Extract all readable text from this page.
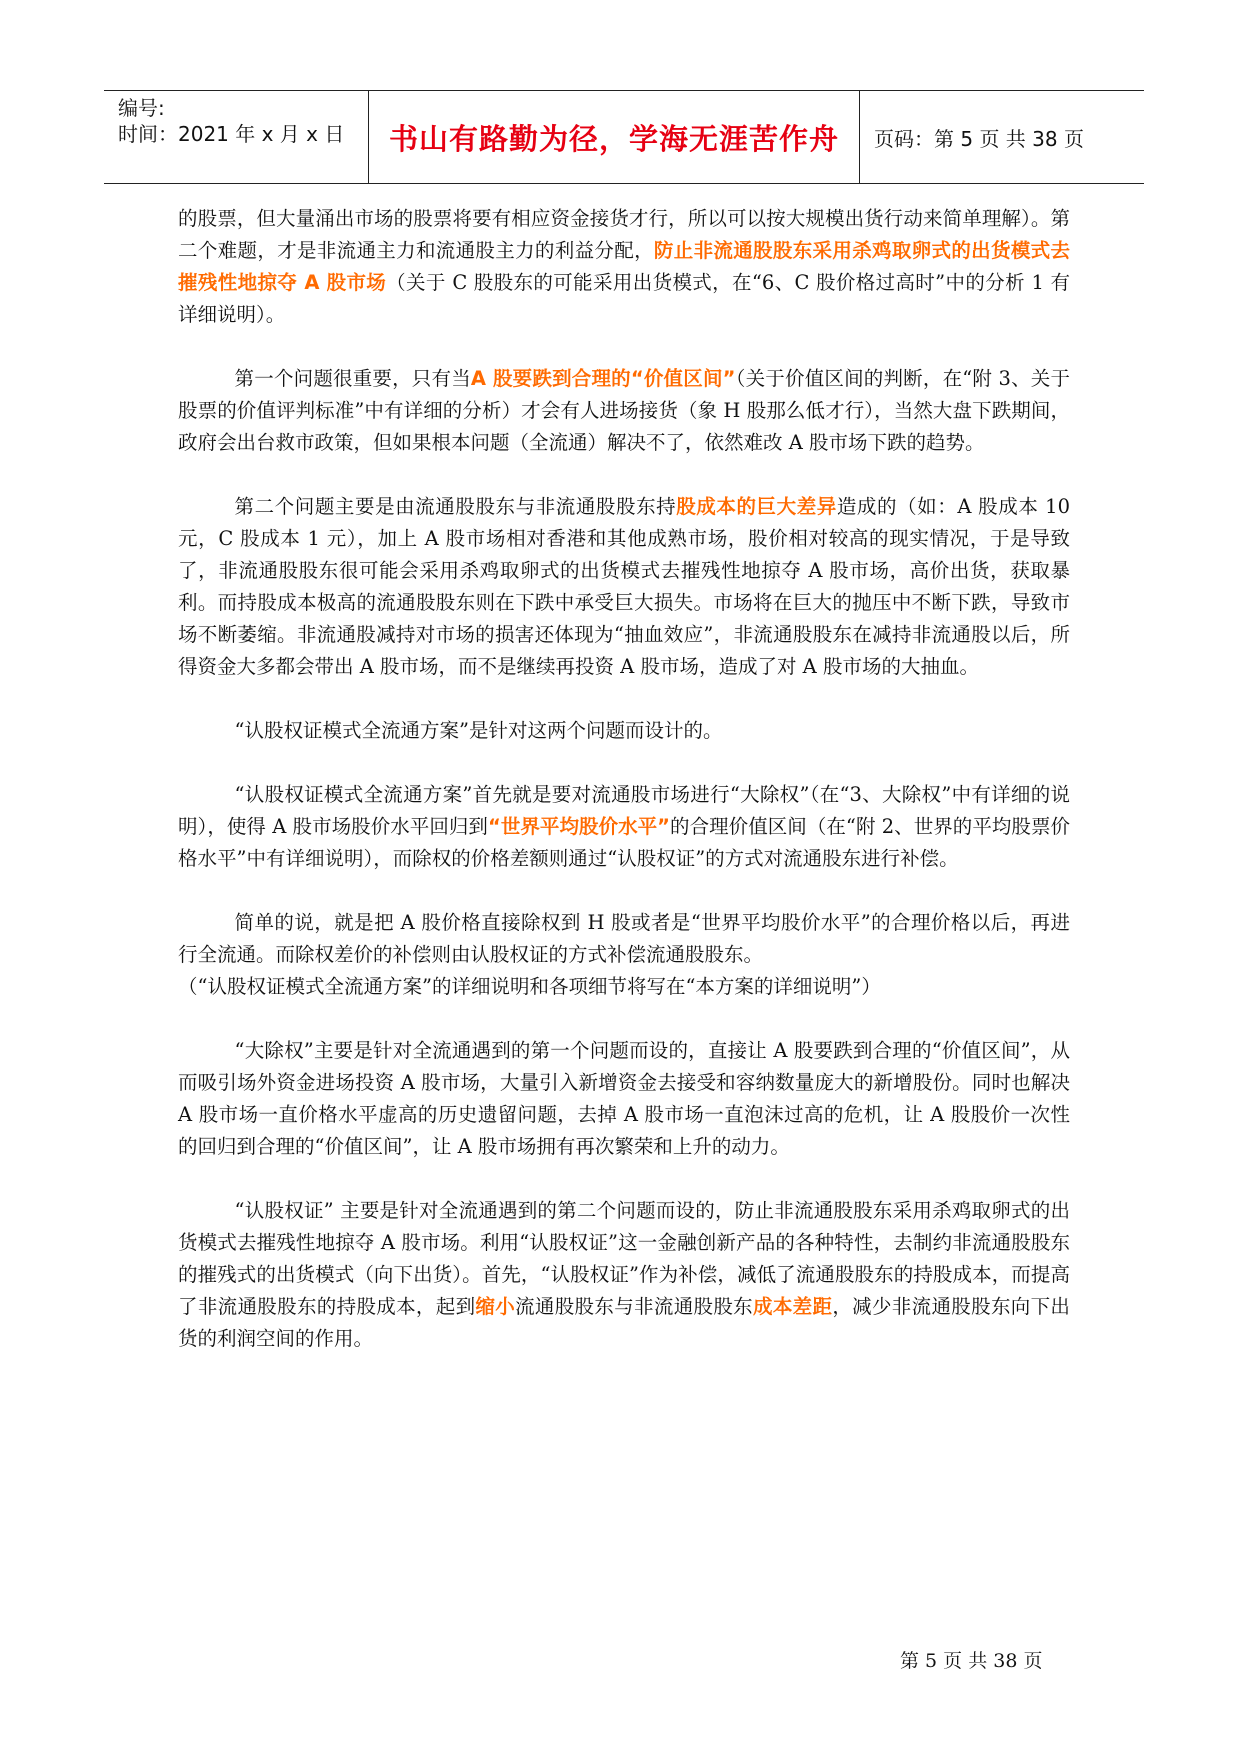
编号:
时间：2021 年 x 月 x 日 书山有路勤为径，学海无涯苦作舟 页码：第 5 页 共 38 页

的股票，但大量涌出市场的股票将要有相应资金接货才行，所以可以按大规模出货行动来简单理解）。第二个难题，才是非流通主力和流通股主力的利益分配，防止非流通股股东采用杀鸡取卵式的出货模式去摧残性地掠夺 A 股市场（关于 C 股股东的可能采用出货模式，在“6、C 股价格过高时”中的分析 1 有详细说明）。

第一个问题很重要，只有当A 股要跌到合理的“价值区间”（关于价值区间的判断，在“附 3、关于股票的价值评判标准”中有详细的分析）才会有人进场接货（象 H 股那么低才行），当然大盘下跌期间，政府会出台救市政策，但如果根本问题（全流通）解决不了，依然难改 A 股市场下跌的趋势。

第二个问题主要是由流通股股东与非流通股股东持股成本的巨大差异造成的（如：A 股成本 10 元，C 股成本 1 元），加上 A 股市场相对香港和其他成熟市场，股价相对较高的现实情况，于是导致了，非流通股股东很可能会采用杀鸡取卵式的出货模式去摧残性地掠夺 A 股市场，高价出货，获取暴利。而持股成本极高的流通股股东则在下跌中承受巨大损失。市场将在巨大的抛压中不断下跌，导致市场不断萎缩。非流通股减持对市场的损害还体现为“抽血效应”，非流通股股东在减持非流通股以后，所得资金大多都会带出 A 股市场，而不是继续再投资 A 股市场，造成了对 A 股市场的大抽血。

“认股权证模式全流通方案”是针对这两个问题而设计的。

“认股权证模式全流通方案”首先就是要对流通股市场进行“大除权”（在“3、大除权”中有详细的说明），使得 A 股市场股价水平回归到“世界平均股价水平”的合理价值区间（在“附 2、世界的平均股票价格水平”中有详细说明），而除权的价格差额则通过“认股权证”的方式对流通股东进行补偿。

简单的说，就是把 A 股价格直接除权到 H 股或者是“世界平均股价水平”的合理价格以后，再进行全流通。而除权差价的补偿则由认股权证的方式补偿流通股股东。

（“认股权证模式全流通方案”的详细说明和各项细节将写在“本方案的详细说明”）

“大除权”主要是针对全流通遇到的第一个问题而设的，直接让 A 股要跌到合理的“价值区间”，从而吸引场外资金进场投资 A 股市场，大量引入新增资金去接受和容纳数量庞大的新增股份。同时也解决 A 股市场一直价格水平虚高的历史遗留问题，去掉 A 股市场一直泡沫过高的危机，让 A 股股价一次性的回归到合理的“价值区间”，让 A 股市场拥有再次繁荣和上升的动力。

“认股权证” 主要是针对全流通遇到的第二个问题而设的，防止非流通股股东采用杀鸡取卵式的出货模式去摧残性地掠夺 A 股市场。利用“认股权证”这一金融创新产品的各种特性，去制约非流通股股东的摧残式的出货模式（向下出货）。首先，“认股权证”作为补偿，减低了流通股股东的持股成本，而提高了非流通股股东的持股成本，起到缩小流通股股东与非流通股股东成本差距，减少非流通股股东向下出货的利润空间的作用。

第 5 页 共 38 页
